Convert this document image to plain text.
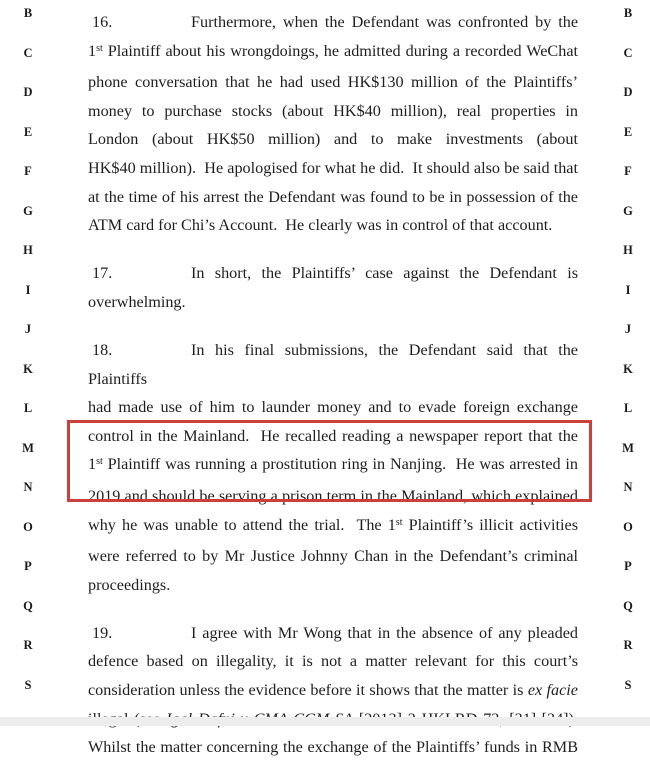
B
C
D
E
F
G
H
I
J
K
L
M
N
O
P
Q
R
S
B
C
D
E
F
G
H
I
J
K
L
M
N
O
P
Q
R
S
16.	Furthermore, when the Defendant was confronted by the
1st Plaintiff about his wrongdoings, he admitted during a recorded WeChat
phone conversation that he had used HK$130 million of the Plaintiffs’
money to purchase stocks (about HK$40 million), real properties in
London (about HK$50 million) and to make investments (about
HK$40 million).  He apologised for what he did.  It should also be said that
at the time of his arrest the Defendant was found to be in possession of the
ATM card for Chi’s Account.  He clearly was in control of that account.
17.	In short, the Plaintiffs’ case against the Defendant is
overwhelming.
18.	In his final submissions, the Defendant said that the Plaintiffs
had made use of him to launder money and to evade foreign exchange
control in the Mainland.  He recalled reading a newspaper report that the
1st Plaintiff was running a prostitution ring in Nanjing.  He was arrested in
2019 and should be serving a prison term in the Mainland, which explained
why he was unable to attend the trial.  The 1st Plaintiff’s illicit activities
were referred to by Mr Justice Johnny Chan in the Defendant’s criminal
proceedings.
19.	I agree with Mr Wong that in the absence of any pleaded
defence based on illegality, it is not a matter relevant for this court’s
consideration unless the evidence before it shows that the matter is ex facie
Whilst the matter concerning the exchange of the Plaintiffs’ funds in RMB
